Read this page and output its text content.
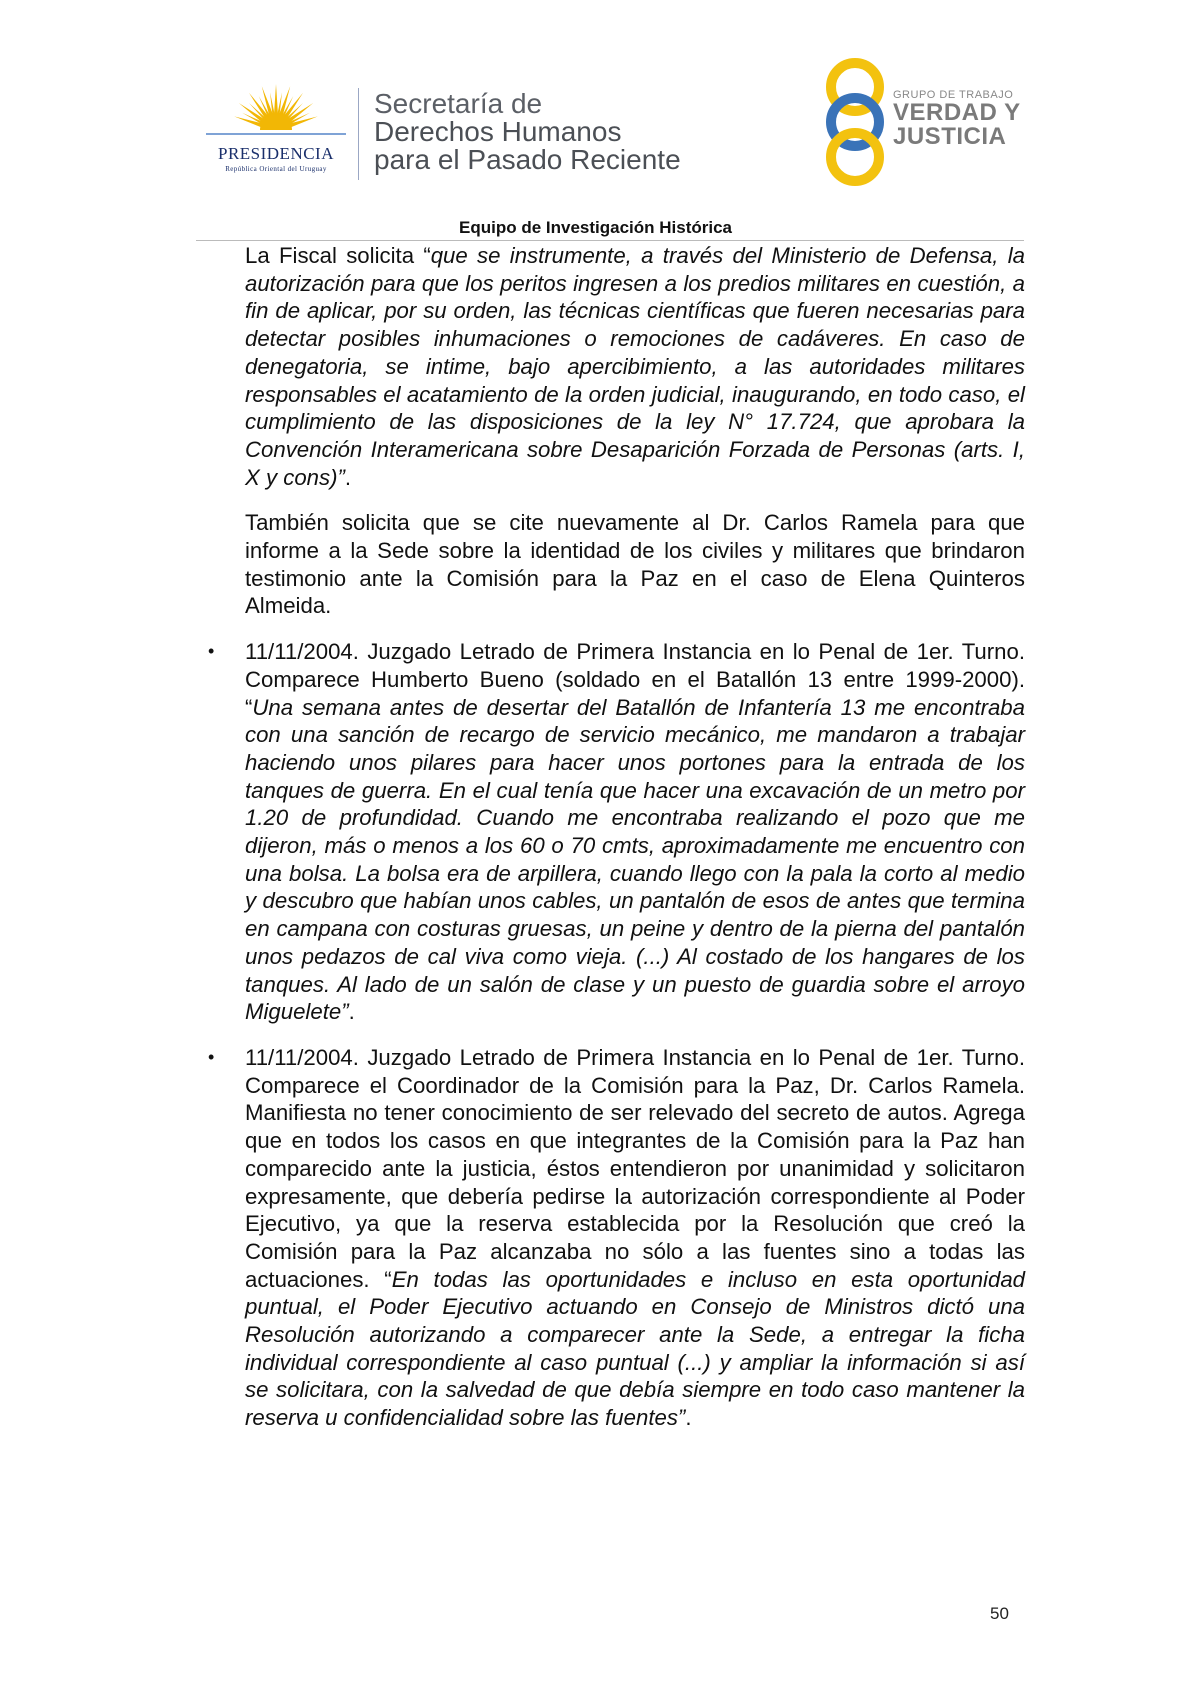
PRESIDENCIA
República Oriental del Uruguay
Secretaría de
Derechos Humanos
para el Pasado Reciente
GRUPO DE TRABAJO
VERDAD Y
JUSTICIA
Equipo de Investigación Histórica

La Fiscal solicita “que se instrumente, a través del Ministerio de Defensa, la autorización para que los peritos ingresen a los predios militares en cuestión, a fin de aplicar, por su orden, las técnicas científicas que fueren necesarias para detectar posibles inhumaciones o remociones de cadáveres. En caso de denegatoria, se intime, bajo apercibimiento, a las autoridades militares responsables el acatamiento de la orden judicial, inaugurando, en todo caso, el cumplimiento de las disposiciones de la ley N° 17.724, que aprobara la Convención Interamericana sobre Desaparición Forzada de Personas (arts. I, X y cons)”.

También solicita que se cite nuevamente al Dr. Carlos Ramela para que informe a la Sede sobre la identidad de los civiles y militares que brindaron testimonio ante la Comisión para la Paz en el caso de Elena Quinteros Almeida.

• 11/11/2004. Juzgado Letrado de Primera Instancia en lo Penal de 1er. Turno. Comparece Humberto Bueno (soldado en el Batallón 13 entre 1999-2000). “Una semana antes de desertar del Batallón de Infantería 13 me encontraba con una sanción de recargo de servicio mecánico, me mandaron a trabajar haciendo unos pilares para hacer unos portones para la entrada de los tanques de guerra. En el cual tenía que hacer una excavación de un metro por 1.20 de profundidad. Cuando me encontraba realizando el pozo que me dijeron, más o menos a los 60 o 70 cmts, aproximadamente me encuentro con una bolsa. La bolsa era de arpillera, cuando llego con la pala la corto al medio y descubro que habían unos cables, un pantalón de esos de antes que termina en campana con costuras gruesas, un peine y dentro de la pierna del pantalón unos pedazos de cal viva como vieja. (...) Al costado de los hangares de los tanques. Al lado de un salón de clase y un puesto de guardia sobre el arroyo Miguelete”.

• 11/11/2004. Juzgado Letrado de Primera Instancia en lo Penal de 1er. Turno. Comparece el Coordinador de la Comisión para la Paz, Dr. Carlos Ramela. Manifiesta no tener conocimiento de ser relevado del secreto de autos. Agrega que en todos los casos en que integrantes de la Comisión para la Paz han comparecido ante la justicia, éstos entendieron por unanimidad y solicitaron expresamente, que debería pedirse la autorización correspondiente al Poder Ejecutivo, ya que la reserva establecida por la Resolución que creó la Comisión para la Paz alcanzaba no sólo a las fuentes sino a todas las actuaciones. “En todas las oportunidades e incluso en esta oportunidad puntual, el Poder Ejecutivo actuando en Consejo de Ministros dictó una Resolución autorizando a comparecer ante la Sede, a entregar la ficha individual correspondiente al caso puntual (...) y ampliar la información si así se solicitara, con la salvedad de que debía siempre en todo caso mantener la reserva u confidencialidad sobre las fuentes”.

50
